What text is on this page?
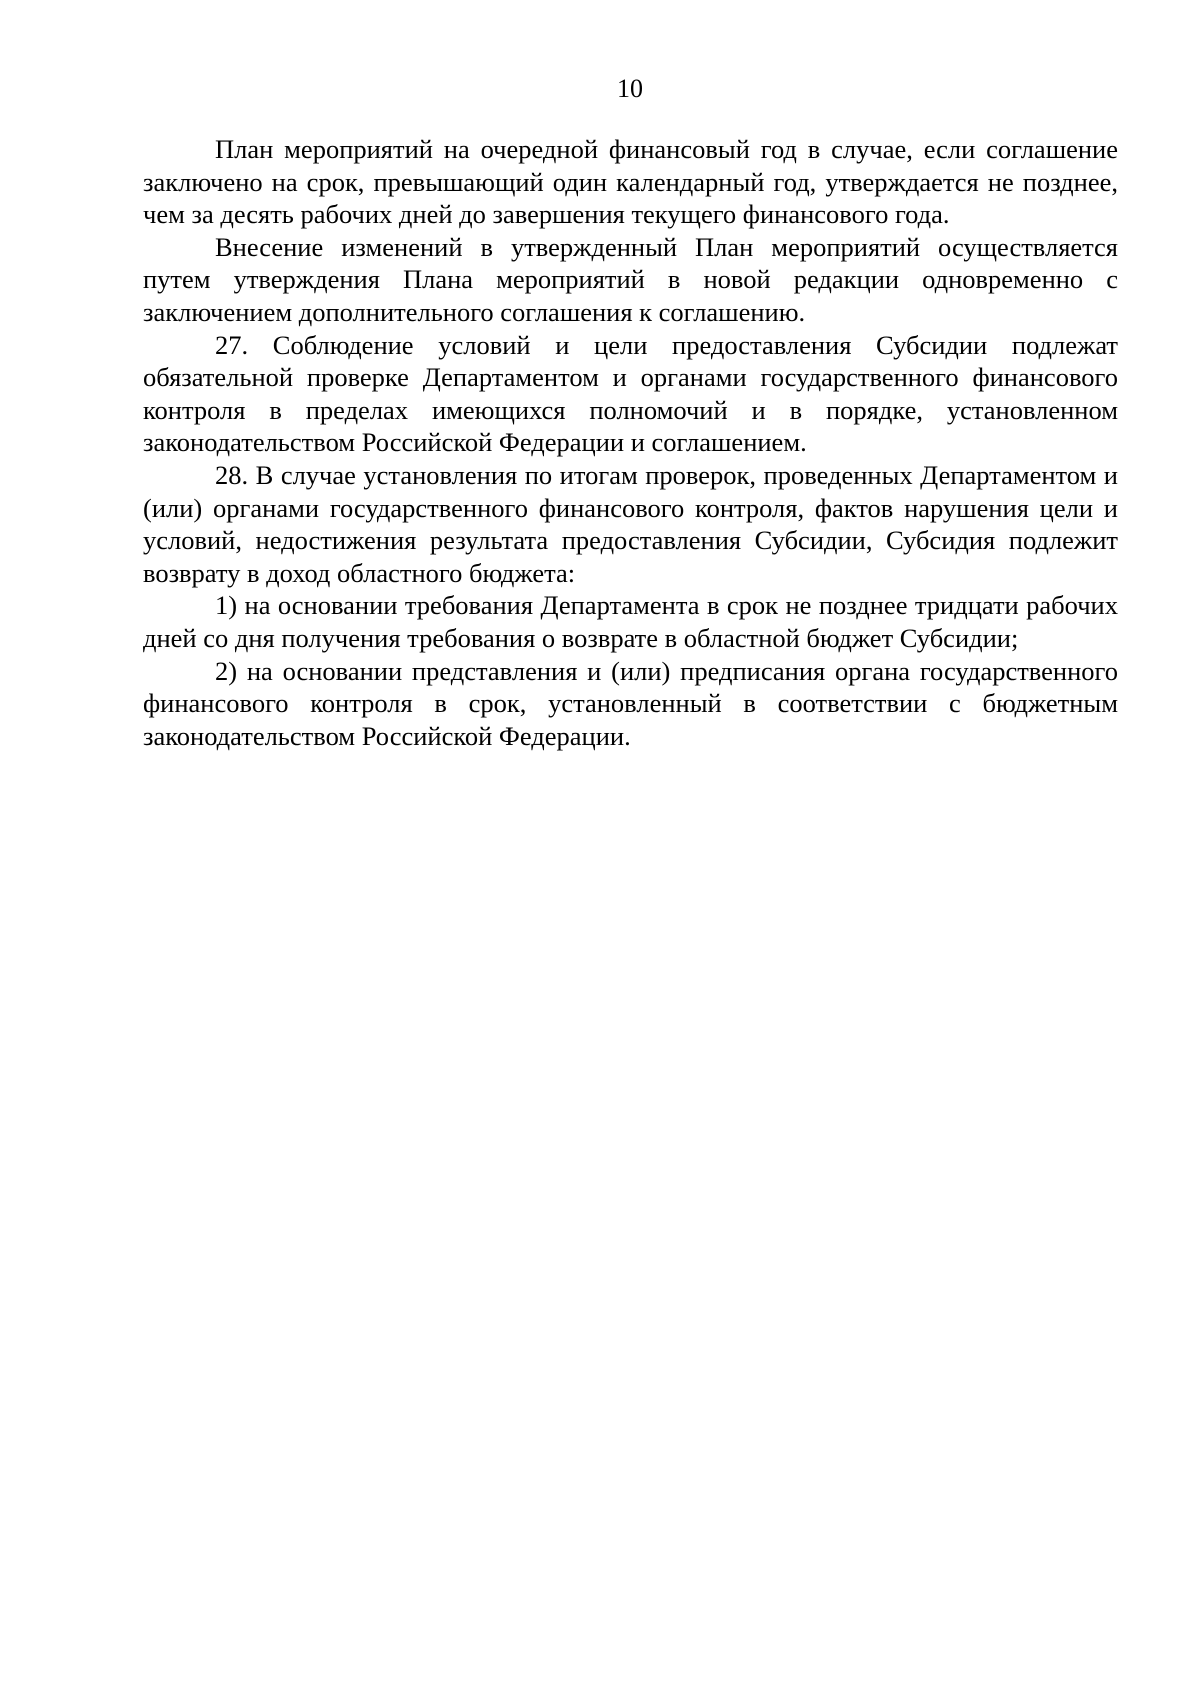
10

План мероприятий на очередной финансовый год в случае, если соглашение заключено на срок, превышающий один календарный год, утверждается не позднее, чем за десять рабочих дней до завершения текущего финансового года.

Внесение изменений в утвержденный План мероприятий осуществляется путем утверждения Плана мероприятий в новой редакции одновременно с заключением дополнительного соглашения к соглашению.

27. Соблюдение условий и цели предоставления Субсидии подлежат обязательной проверке Департаментом и органами государственного финансового контроля в пределах имеющихся полномочий и в порядке, установленном законодательством Российской Федерации и соглашением.

28. В случае установления по итогам проверок, проведенных Департаментом и (или) органами государственного финансового контроля, фактов нарушения цели и условий, недостижения результата предоставления Субсидии, Субсидия подлежит возврату в доход областного бюджета:

1) на основании требования Департамента в срок не позднее тридцати рабочих дней со дня получения требования о возврате в областной бюджет Субсидии;

2) на основании представления и (или) предписания органа государственного финансового контроля в срок, установленный в соответствии с бюджетным законодательством Российской Федерации.
